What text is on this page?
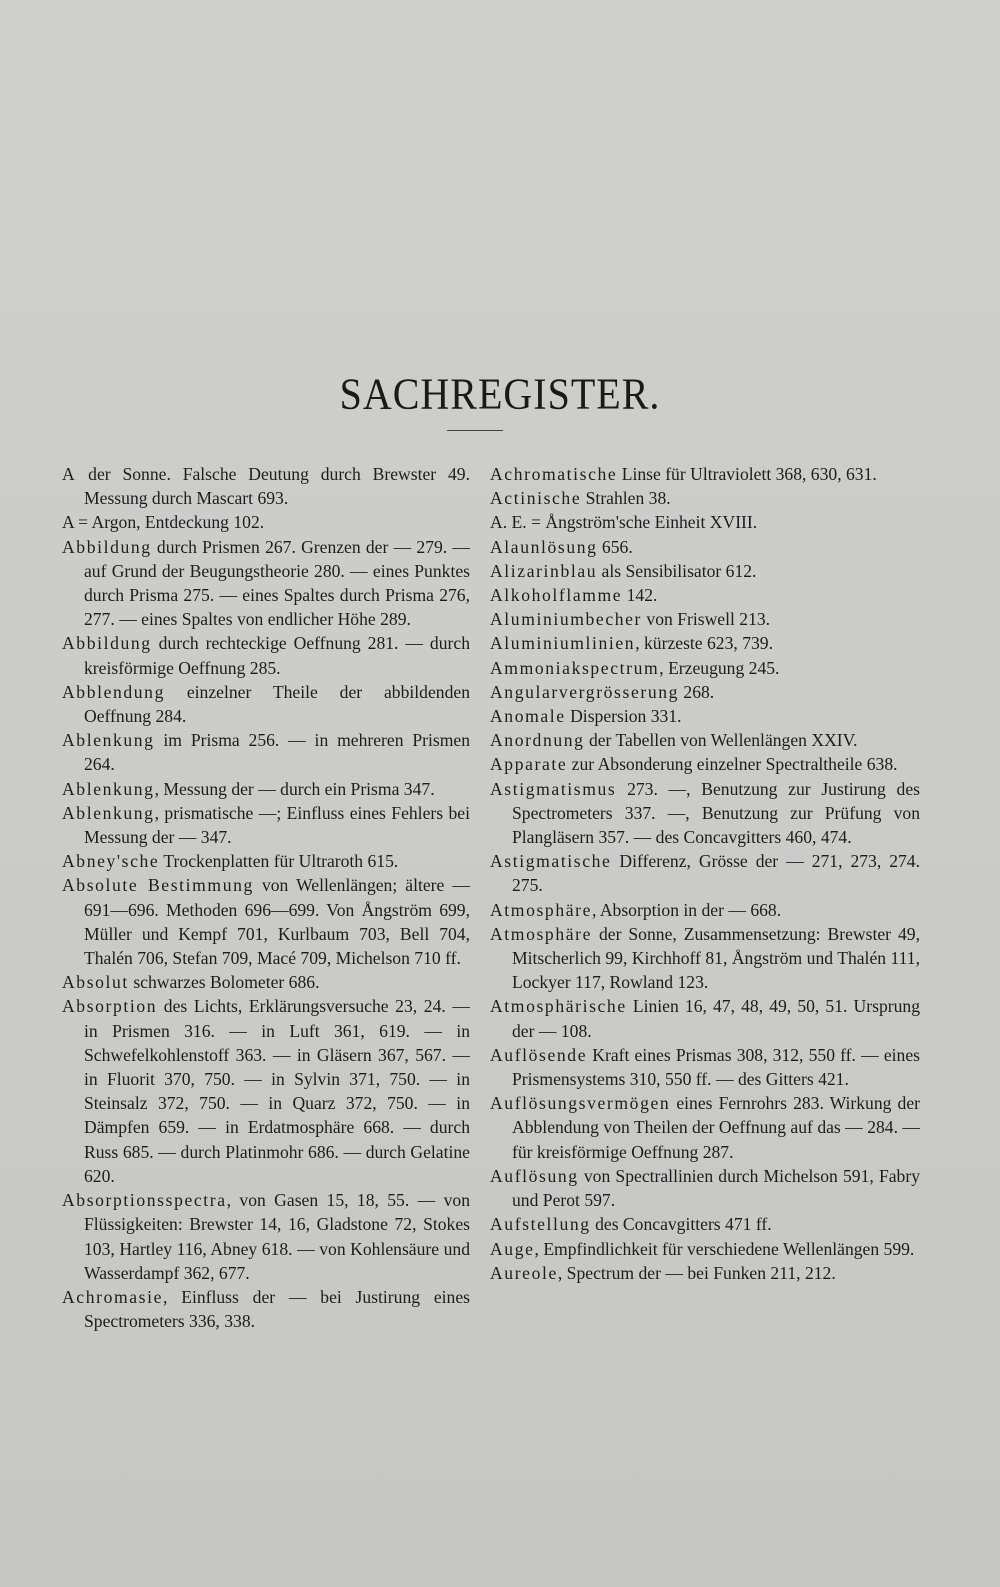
SACHREGISTER.

A der Sonne. Falsche Deutung durch Brewster 49. Messung durch Mascart 693.

A = Argon, Entdeckung 102.

Abbildung durch Prismen 267. Grenzen der — 279. — auf Grund der Beugungstheorie 280. — eines Punktes durch Prisma 275. — eines Spaltes durch Prisma 276, 277. — eines Spaltes von endlicher Höhe 289.

Abbildung durch rechteckige Oeffnung 281. — durch kreisförmige Oeffnung 285.

Abblendung einzelner Theile der abbildenden Oeffnung 284.

Ablenkung im Prisma 256. — in mehreren Prismen 264.

Ablenkung, Messung der — durch ein Prisma 347.

Ablenkung, prismatische —; Einfluss eines Fehlers bei Messung der — 347.

Abney'sche Trockenplatten für Ultraroth 615.

Absolute Bestimmung von Wellenlängen; ältere — 691—696. Methoden 696—699. Von Ångström 699, Müller und Kempf 701, Kurlbaum 703, Bell 704, Thalén 706, Stefan 709, Macé 709, Michelson 710 ff.

Absolut schwarzes Bolometer 686.

Absorption des Lichts, Erklärungsversuche 23, 24. — in Prismen 316. — in Luft 361, 619. — in Schwefelkohlenstoff 363. — in Gläsern 367, 567. — in Fluorit 370, 750. — in Sylvin 371, 750. — in Steinsalz 372, 750. — in Quarz 372, 750. — in Dämpfen 659. — in Erdatmosphäre 668. — durch Russ 685. — durch Platinmohr 686. — durch Gelatine 620.

Absorptionsspectra, von Gasen 15, 18, 55. — von Flüssigkeiten: Brewster 14, 16, Gladstone 72, Stokes 103, Hartley 116, Abney 618. — von Kohlensäure und Wasserdampf 362, 677.

Achromasie, Einfluss der — bei Justirung eines Spectrometers 336, 338.

Achromatische Linse für Ultraviolett 368, 630, 631.

Actinische Strahlen 38.

A. E. = Ångström'sche Einheit XVIII.

Alaunlösung 656.

Alizarinblau als Sensibilisator 612.

Alkoholflamme 142.

Aluminiumbecher von Friswell 213.

Aluminiumlinien, kürzeste 623, 739.

Ammoniakspectrum, Erzeugung 245.

Angularvergrösserung 268.

Anomale Dispersion 331.

Anordnung der Tabellen von Wellenlängen XXIV.

Apparate zur Absonderung einzelner Spectraltheile 638.

Astigmatismus 273. —, Benutzung zur Justirung des Spectrometers 337. —, Benutzung zur Prüfung von Plangläsern 357. — des Concavgitters 460, 474.

Astigmatische Differenz, Grösse der — 271, 273, 274. 275.

Atmosphäre, Absorption in der — 668.

Atmosphäre der Sonne, Zusammensetzung: Brewster 49, Mitscherlich 99, Kirchhoff 81, Ångström und Thalén 111, Lockyer 117, Rowland 123.

Atmosphärische Linien 16, 47, 48, 49, 50, 51. Ursprung der — 108.

Auflösende Kraft eines Prismas 308, 312, 550 ff. — eines Prismensystems 310, 550 ff. — des Gitters 421.

Auflösungsvermögen eines Fernrohrs 283. Wirkung der Abblendung von Theilen der Oeffnung auf das — 284. — für kreisförmige Oeffnung 287.

Auflösung von Spectrallinien durch Michelson 591, Fabry und Perot 597.

Aufstellung des Concavgitters 471 ff.

Auge, Empfindlichkeit für verschiedene Wellenlängen 599.

Aureole, Spectrum der — bei Funken 211, 212.
